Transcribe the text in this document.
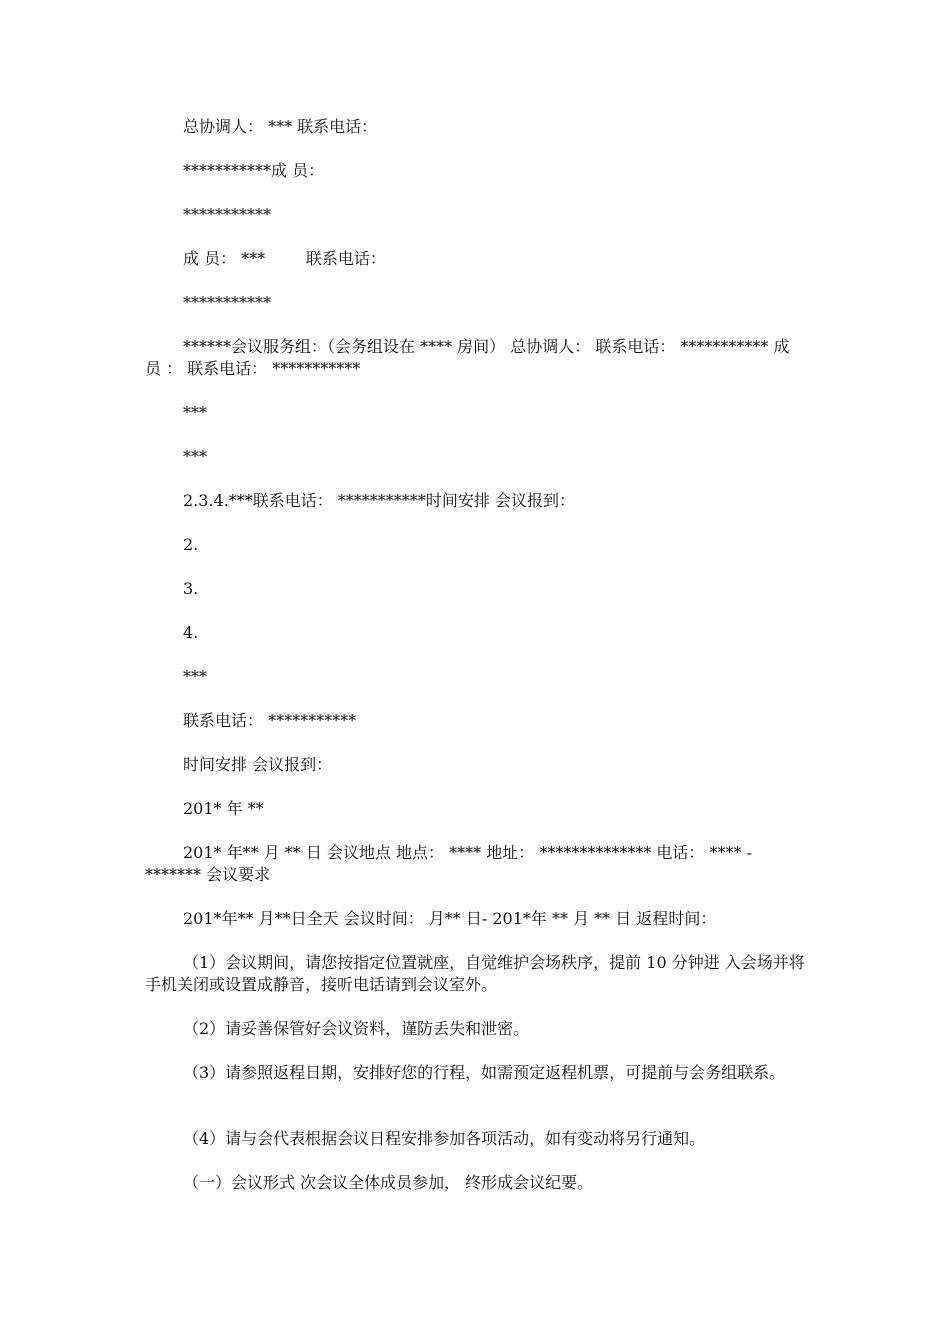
总协调人： *** 联系电话：

***********成 员：

***********

成 员： ***        联系电话：

***********

******会议服务组：（会务组设在 **** 房间） 总协调人： 联系电话： *********** 成 员 ： 联系电话： ***********

***

***

2.3.4.***联系电话： ***********时间安排 会议报到：

2.

3.

4.

***

联系电话： ***********

时间安排 会议报到：

201* 年 **

201* 年** 月 ** 日 会议地点 地点： **** 地址： ************** 电话： **** - ******* 会议要求

201*年** 月**日全天 会议时间： 月** 日- 201*年 ** 月 ** 日 返程时间：

（1）会议期间，请您按指定位置就座，自觉维护会场秩序，提前 10 分钟进 入会场并将手机关闭或设置成静音，接听电话请到会议室外。

（2）请妥善保管好会议资料，谨防丢失和泄密。

（3）请参照返程日期，安排好您的行程，如需预定返程机票，可提前与会务组联系。

（4）请与会代表根据会议日程安排参加各项活动，如有变动将另行通知。

（一）会议形式 次会议全体成员参加， 终形成会议纪要。
